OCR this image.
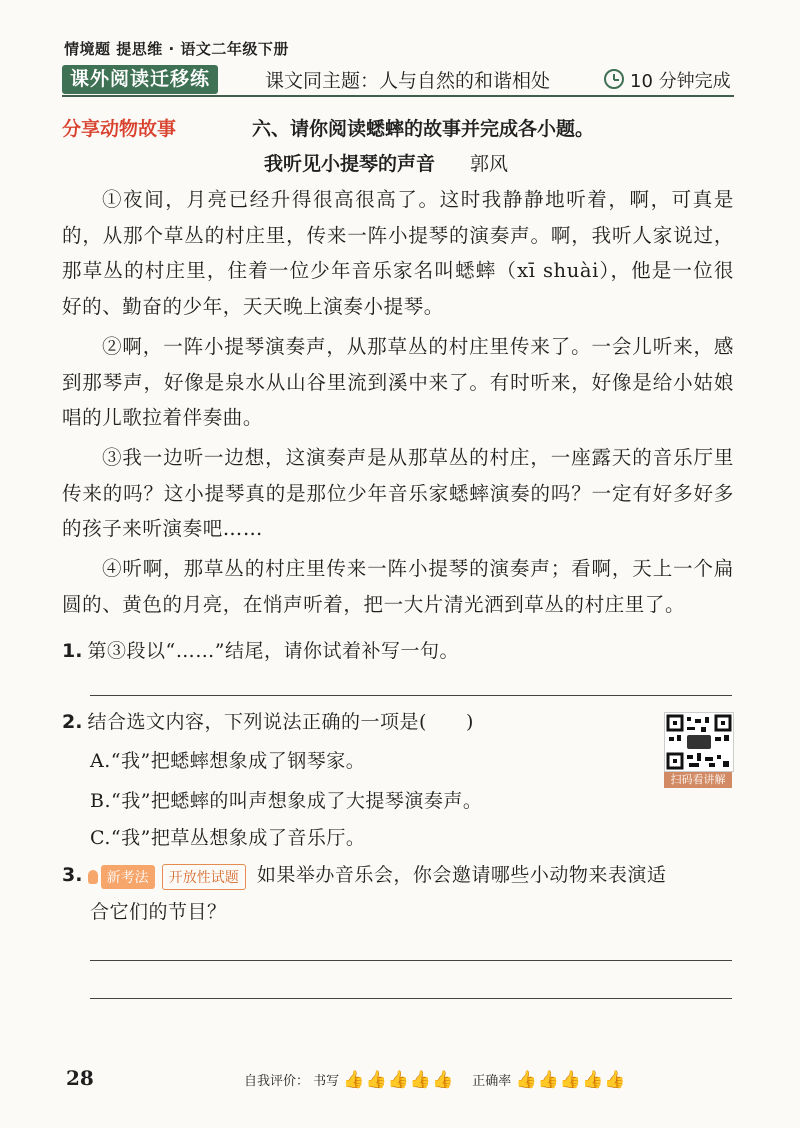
情境题 提思维 · 语文二年级下册
课外阅读迁移练	课文同主题：人与自然的和谐相处	10 分钟完成
分享动物故事	六、请你阅读蟋蟀的故事并完成各小题。
我听见小提琴的声音 郭风
①夜间，月亮已经升得很高很高了。这时我静静地听着，啊，可真是的，从那个草丛的村庄里，传来一阵小提琴的演奏声。啊，我听人家说过，那草丛的村庄里，住着一位少年音乐家名叫蟋蟀（xī shuài），他是一位很好的、勤奋的少年，天天晚上演奏小提琴。
②啊，一阵小提琴演奏声，从那草丛的村庄里传来了。一会儿听来，感到那琴声，好像是泉水从山谷里流到溪中来了。有时听来，好像是给小姑娘唱的儿歌拉着伴奏曲。
③我一边听一边想，这演奏声是从那草丛的村庄，一座露天的音乐厅里传来的吗？这小提琴真的是那位少年音乐家蟋蟀演奏的吗？一定有好多好多的孩子来听演奏吧……
④听啊，那草丛的村庄里传来一阵小提琴的演奏声；看啊，天上一个扁圆的、黄色的月亮，在悄声听着，把一大片清光洒到草丛的村庄里了。
1. 第③段以“……”结尾，请你试着补写一句。
2. 结合选文内容，下列说法正确的一项是(　　)
A.“我”把蟋蟀想象成了钢琴家。
B.“我”把蟋蟀的叫声想象成了大提琴演奏声。
C.“我”把草丛想象成了音乐厅。
扫码看讲解
3. 新考法 开放性试题 如果举办音乐会，你会邀请哪些小动物来表演适
合它们的节目？
28	自我评价： 书写 👍👍👍👍👍 正确率 👍👍👍👍👍
